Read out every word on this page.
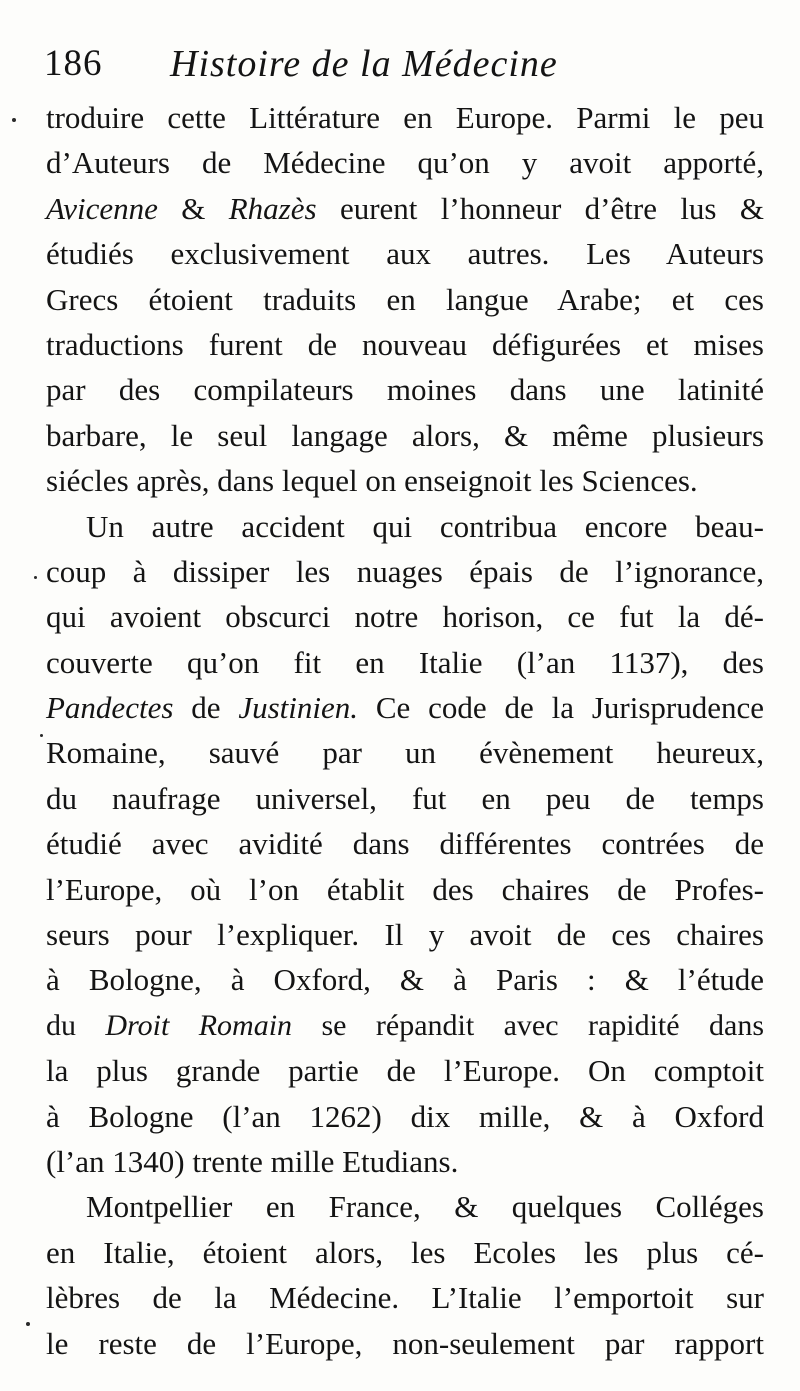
186 Histoire de la Médecine
troduire cette Littérature en Europe. Parmi le peu
d’Auteurs de Médecine qu’on y avoit apporté,
Avicenne & Rhazès eurent l’honneur d’être lus &
étudiés exclusivement aux autres. Les Auteurs
Grecs étoient traduits en langue Arabe; et ces
traductions furent de nouveau défigurées et mises
par des compilateurs moines dans une latinité
barbare, le seul langage alors, & même plusieurs
siécles après, dans lequel on enseignoit les Sciences.
Un autre accident qui contribua encore beau-
coup à dissiper les nuages épais de l’ignorance,
qui avoient obscurci notre horison, ce fut la dé-
couverte qu’on fit en Italie (l’an 1137), des
Pandectes de Justinien. Ce code de la Jurisprudence
Romaine, sauvé par un évènement heureux,
du naufrage universel, fut en peu de temps
étudié avec avidité dans différentes contrées de
l’Europe, où l’on établit des chaires de Profes-
seurs pour l’expliquer. Il y avoit de ces chaires
à Bologne, à Oxford, & à Paris : & l’étude
du Droit Romain se répandit avec rapidité dans
la plus grande partie de l’Europe. On comptoit
à Bologne (l’an 1262) dix mille, & à Oxford
(l’an 1340) trente mille Etudians.
Montpellier en France, & quelques Colléges
en Italie, étoient alors, les Ecoles les plus cé-
lèbres de la Médecine. L’Italie l’emportoit sur
le reste de l’Europe, non-seulement par rapport
